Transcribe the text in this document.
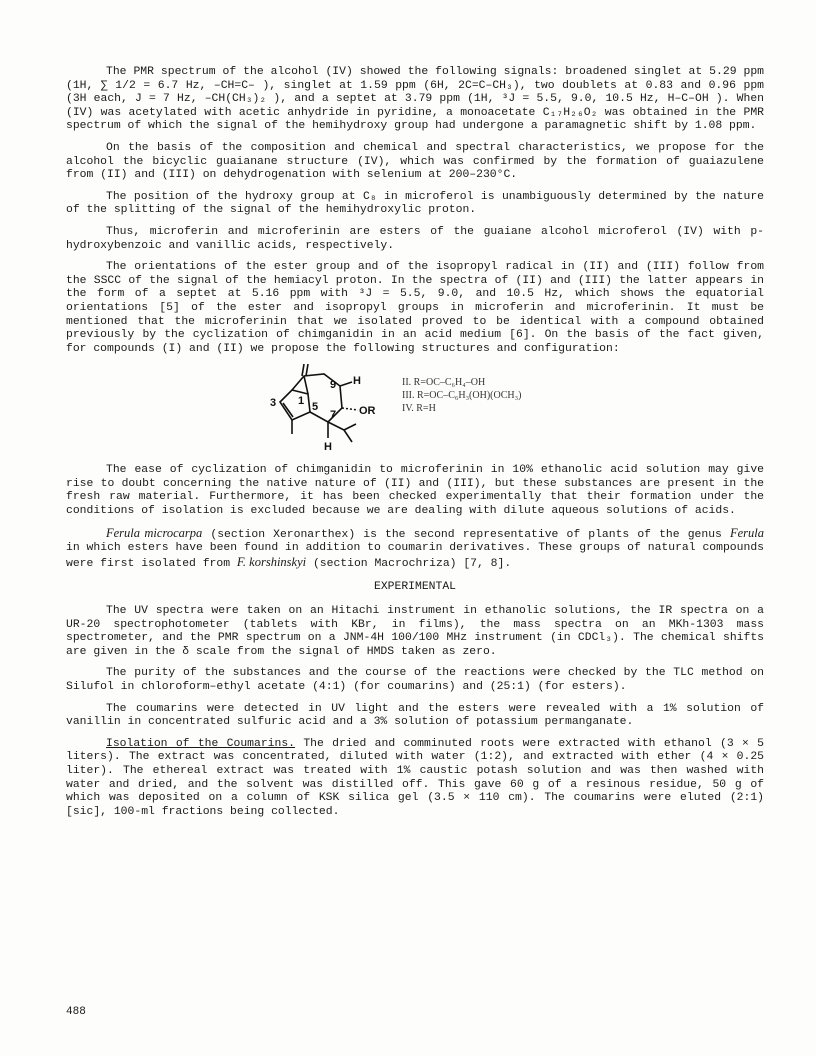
The PMR spectrum of the alcohol (IV) showed the following signals: broadened singlet at 5.29 ppm (1H, ∑ 1/2 = 6.7 Hz, –CH=C– ), singlet at 1.59 ppm (6H, 2C=C–CH₃), two doublets at 0.83 and 0.96 ppm (3H each, J = 7 Hz, –CH(CH₃)₂ ), and a septet at 3.79 ppm (1H, ³J = 5.5, 9.0, 10.5 Hz, H–C–OH ). When (IV) was acetylated with acetic anhydride in pyridine, a monoacetate C₁₇H₂₆O₂ was obtained in the PMR spectrum of which the signal of the hemihydroxy group had undergone a paramagnetic shift by 1.08 ppm.

On the basis of the composition and chemical and spectral characteristics, we propose for the alcohol the bicyclic guaianane structure (IV), which was confirmed by the formation of guaiazulene from (II) and (III) on dehydrogenation with selenium at 200–230°C.

The position of the hydroxy group at C₈ in microferol is unambiguously determined by the nature of the splitting of the signal of the hemihydroxylic proton.

Thus, microferin and microferinin are esters of the guaiane alcohol microferol (IV) with p-hydroxybenzoic and vanillic acids, respectively.

The orientations of the ester group and of the isopropyl radical in (II) and (III) follow from the SSCC of the signal of the hemiacyl proton. In the spectra of (II) and (III) the latter appears in the form of a septet at 5.16 ppm with ³J = 5.5, 9.0, and 10.5 Hz, which shows the equatorial orientations [5] of the ester and isopropyl groups in microferin and microferinin. It must be mentioned that the microferinin that we isolated proved to be identical with a compound obtained previously by the cyclization of chimganidin in an acid medium [6]. On the basis of the fact given, for compounds (I) and (II) we propose the following structures and configuration:

3 1 5
9
7
H
OR
H
II. R=OC–C₆H₄–OH
III. R=OC–C₆H₃(OH)(OCH₃)
IV. R=H

The ease of cyclization of chimganidin to microferinin in 10% ethanolic acid solution may give rise to doubt concerning the native nature of (II) and (III), but these substances are present in the fresh raw material. Furthermore, it has been checked experimentally that their formation under the conditions of isolation is excluded because we are dealing with dilute aqueous solutions of acids.

Ferula microcarpa (section Xeronarthex) is the second representative of plants of the genus Ferula in which esters have been found in addition to coumarin derivatives. These groups of natural compounds were first isolated from F. korshinskyi (section Macrochriza) [7, 8].

EXPERIMENTAL

The UV spectra were taken on an Hitachi instrument in ethanolic solutions, the IR spectra on a UR-20 spectrophotometer (tablets with KBr, in films), the mass spectra on an MKh-1303 mass spectrometer, and the PMR spectrum on a JNM-4H 100/100 MHz instrument (in CDCl₃). The chemical shifts are given in the δ scale from the signal of HMDS taken as zero.

The purity of the substances and the course of the reactions were checked by the TLC method on Silufol in chloroform–ethyl acetate (4:1) (for coumarins) and (25:1) (for esters).

The coumarins were detected in UV light and the esters were revealed with a 1% solution of vanillin in concentrated sulfuric acid and a 3% solution of potassium permanganate.

Isolation of the Coumarins. The dried and comminuted roots were extracted with ethanol (3 × 5 liters). The extract was concentrated, diluted with water (1:2), and extracted with ether (4 × 0.25 liter). The ethereal extract was treated with 1% caustic potash solution and was then washed with water and dried, and the solvent was distilled off. This gave 60 g of a resinous residue, 50 g of which was deposited on a column of KSK silica gel (3.5 × 110 cm). The coumarins were eluted (2:1) [sic], 100-ml fractions being collected.

488
